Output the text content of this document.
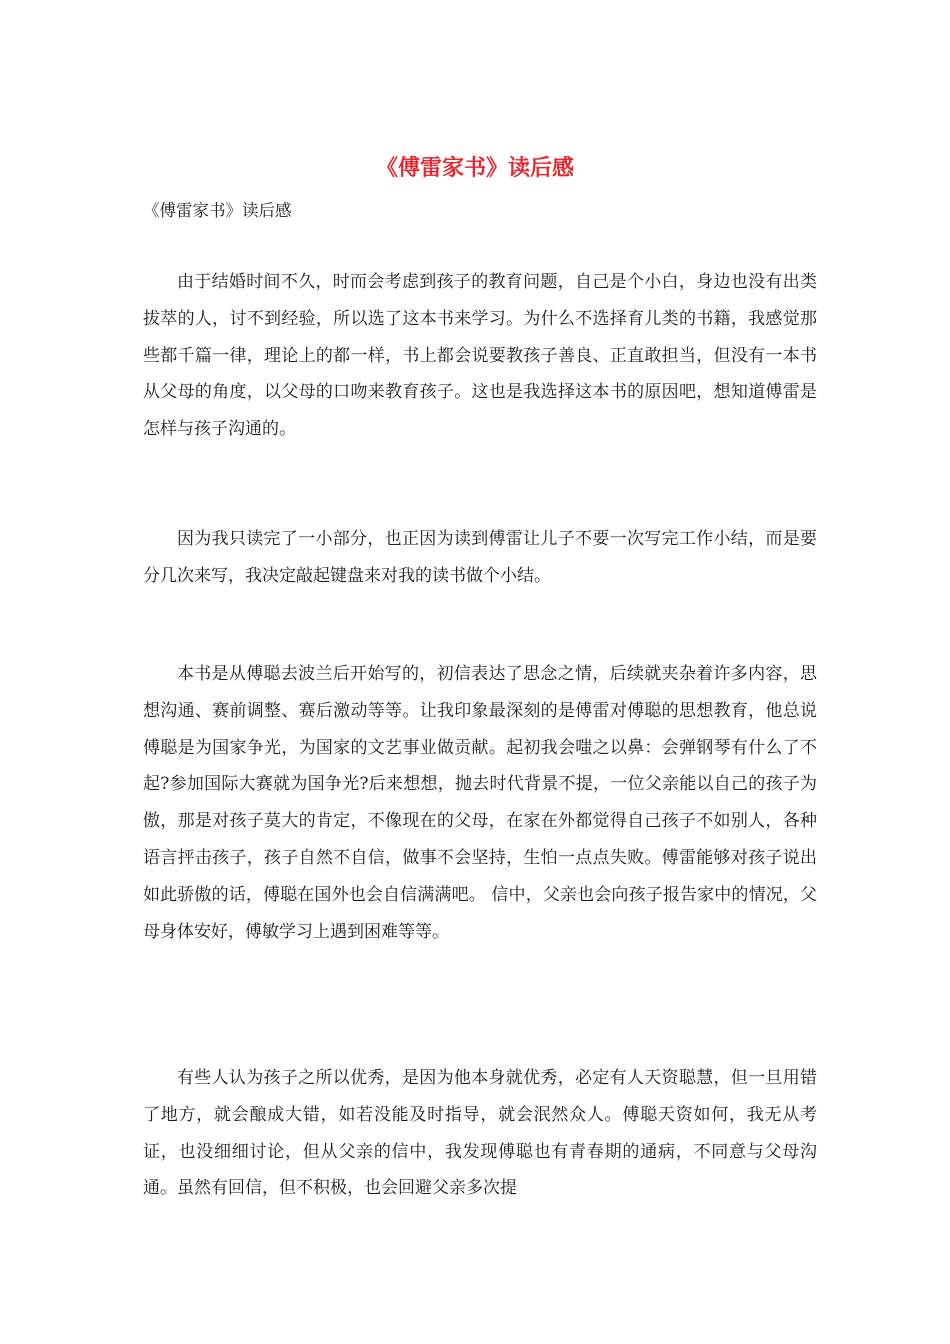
《傅雷家书》读后感

《傅雷家书》读后感

由于结婚时间不久，时而会考虑到孩子的教育问题，自己是个小白，身边也没有出类拔萃的人，讨不到经验，所以选了这本书来学习。为什么不选择育儿类的书籍，我感觉那些都千篇一律，理论上的都一样，书上都会说要教孩子善良、正直敢担当，但没有一本书从父母的角度，以父母的口吻来教育孩子。这也是我选择这本书的原因吧，想知道傅雷是怎样与孩子沟通的。

因为我只读完了一小部分，也正因为读到傅雷让儿子不要一次写完工作小结，而是要分几次来写，我决定敲起键盘来对我的读书做个小结。

本书是从傅聪去波兰后开始写的，初信表达了思念之情，后续就夹杂着许多内容，思想沟通、赛前调整、赛后激动等等。让我印象最深刻的是傅雷对傅聪的思想教育，他总说傅聪是为国家争光，为国家的文艺事业做贡献。起初我会嗤之以鼻：会弹钢琴有什么了不起?参加国际大赛就为国争光?后来想想，抛去时代背景不提，一位父亲能以自己的孩子为傲，那是对孩子莫大的肯定，不像现在的父母，在家在外都觉得自己孩子不如别人，各种语言抨击孩子，孩子自然不自信，做事不会坚持，生怕一点点失败。傅雷能够对孩子说出如此骄傲的话，傅聪在国外也会自信满满吧。 信中，父亲也会向孩子报告家中的情况，父母身体安好，傅敏学习上遇到困难等等。

有些人认为孩子之所以优秀，是因为他本身就优秀，必定有人天资聪慧，但一旦用错了地方，就会酿成大错，如若没能及时指导，就会泯然众人。傅聪天资如何，我无从考证，也没细细讨论，但从父亲的信中，我发现傅聪也有青春期的通病，不同意与父母沟通。虽然有回信，但不积极，也会回避父亲多次提
